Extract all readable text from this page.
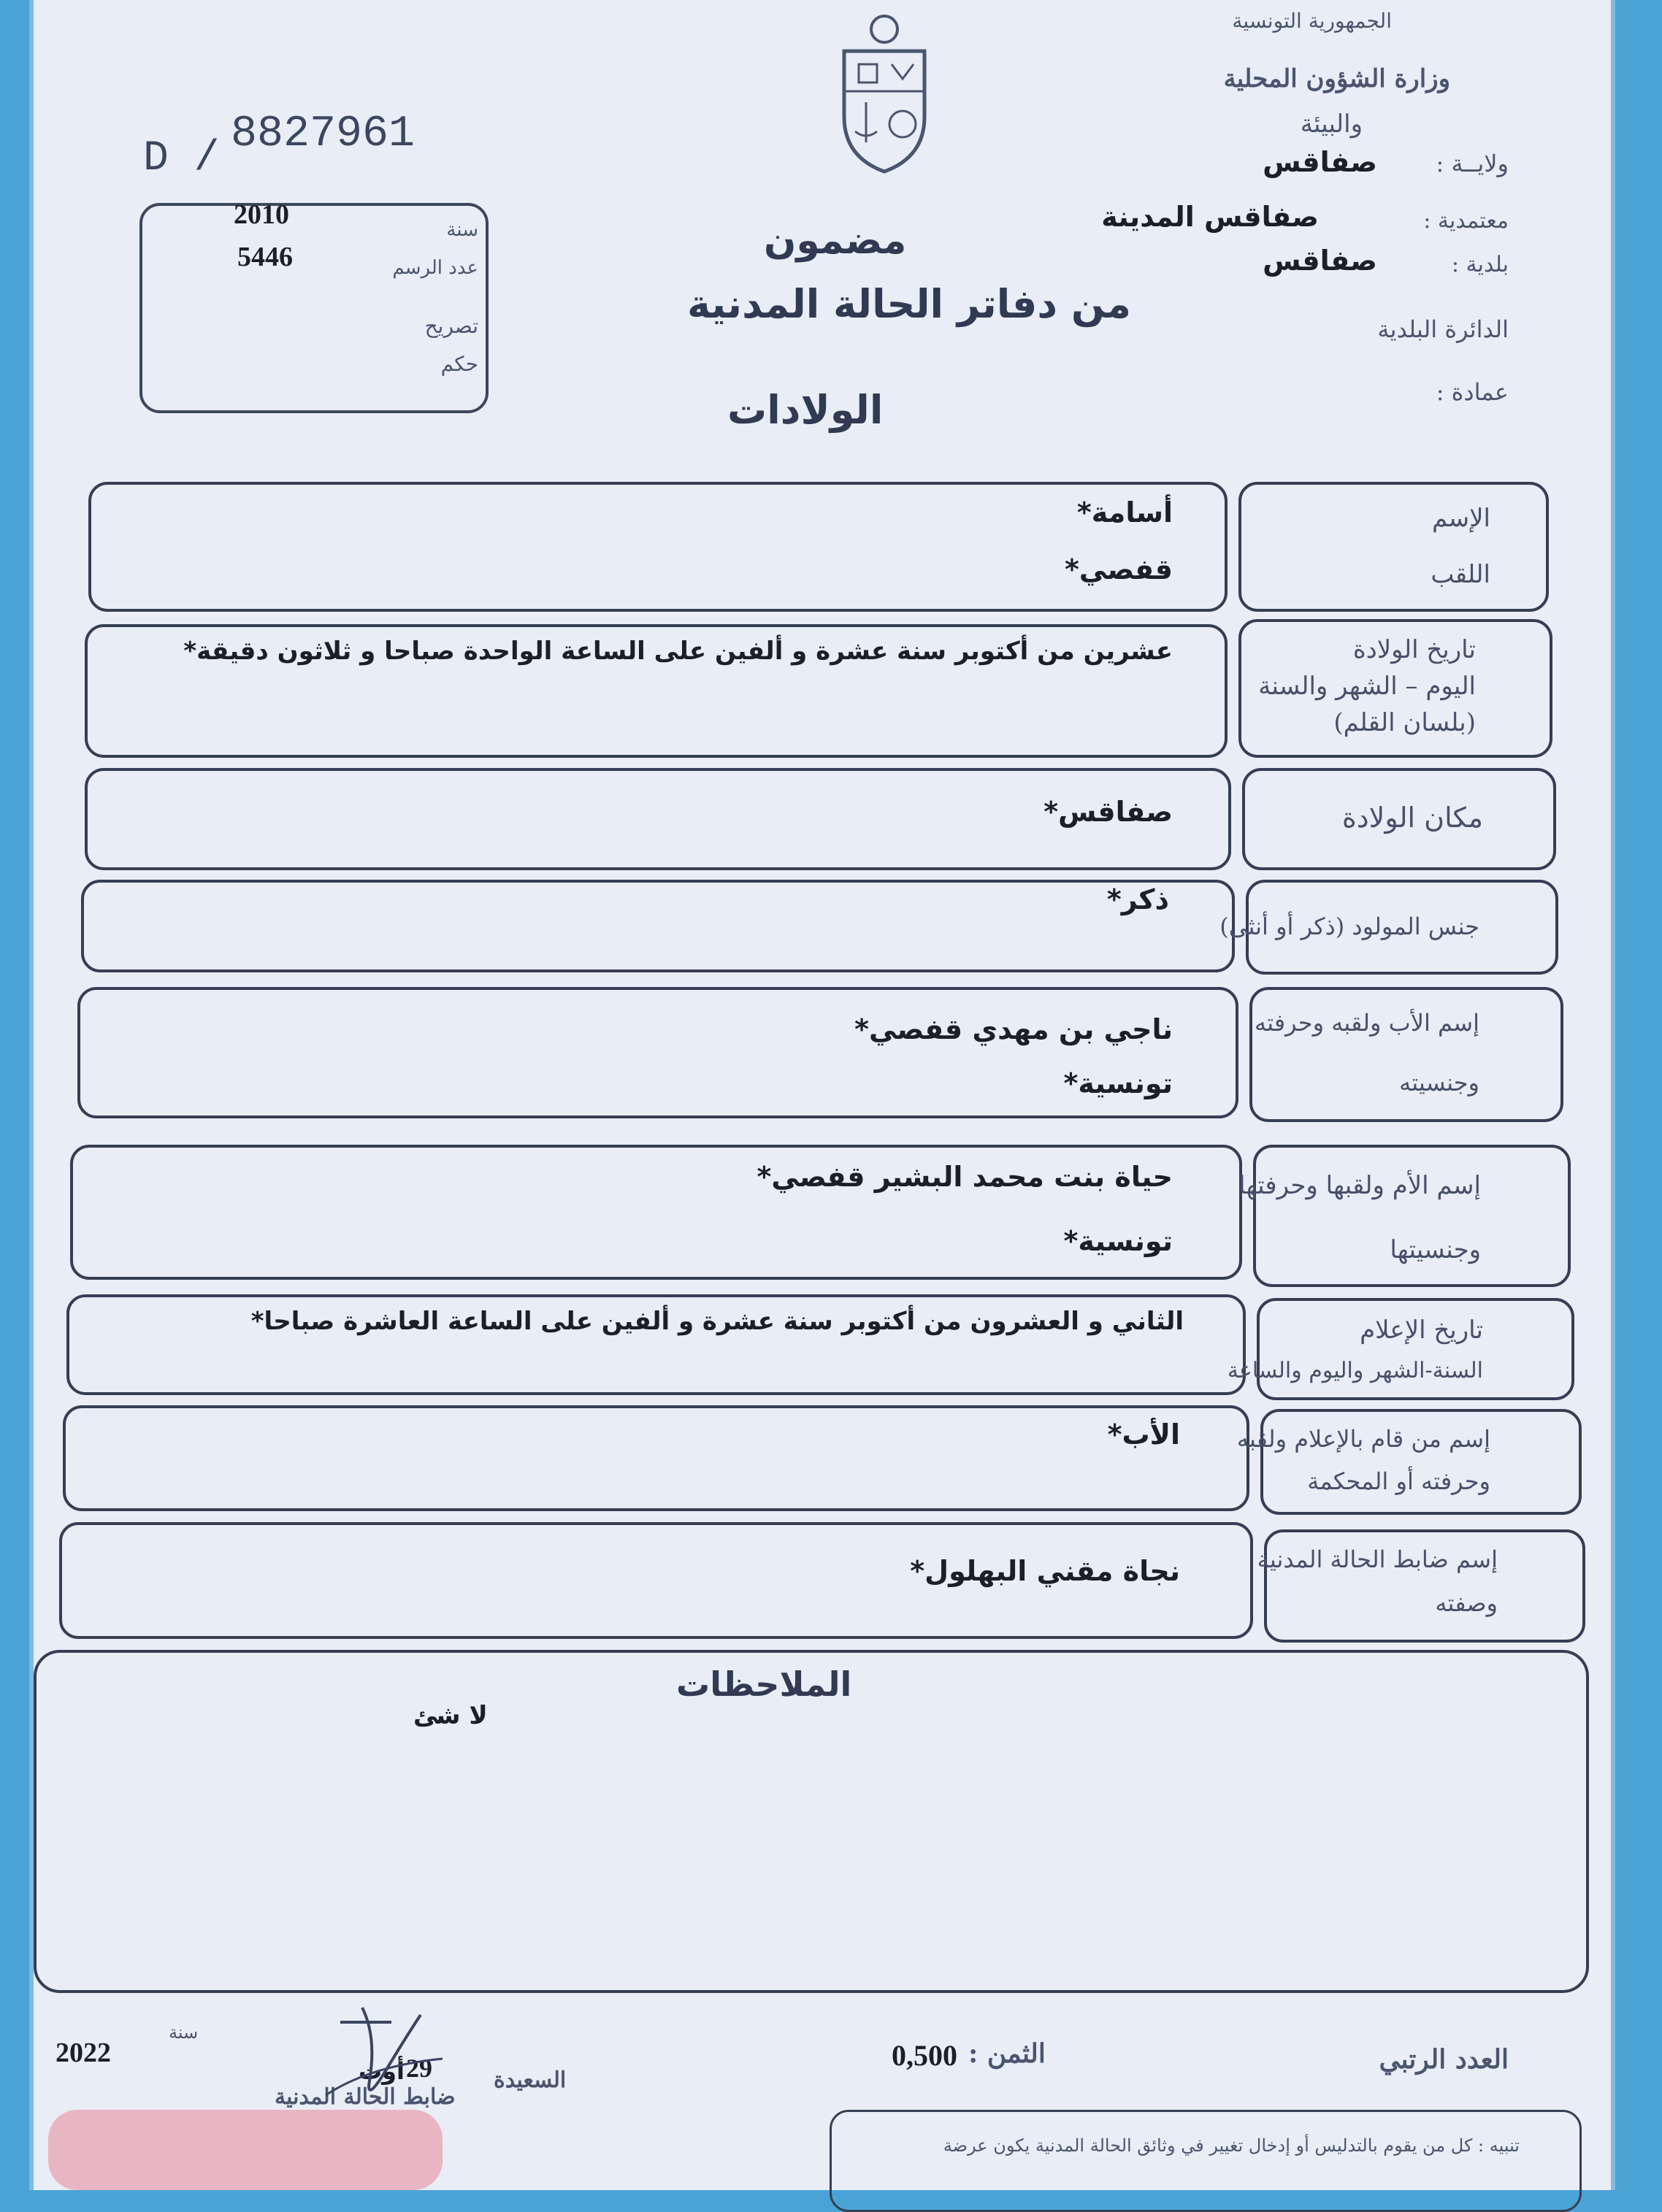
الجمهورية التونسية
وزارة الشؤون المحلية
والبيئة
ولايــة :
صفاقس
معتمدية :
صفاقس المدينة
بلدية :
صفاقس
الدائرة البلدية
عمادة :
D / 8827961
2010	سنة
5446	عدد الرسم
تصريح
حكم
مضمون
من دفاتر الحالة المدنية
الولادات
الإسم
اللقب
أسامة*
قفصي*
تاريخ الولادة
اليوم – الشهر والسنة
(بلسان القلم)
عشرين من أكتوبر سنة عشرة و ألفين على الساعة الواحدة صباحا و ثلاثون دقيقة*
مكان الولادة
صفاقس*
جنس المولود (ذكر أو أنثى)
ذكر*
إسم الأب ولقبه وحرفته
وجنسيته
ناجي بن مهدي قفصي*
تونسية*
إسم الأم ولقبها وحرفتها
وجنسيتها
حياة بنت محمد البشير قفصي*
تونسية*
تاريخ الإعلام
السنة-الشهر واليوم والساعة
الثاني و العشرون من أكتوبر سنة عشرة و ألفين على الساعة العاشرة صباحا*
إسم من قام بالإعلام ولقبه
وحرفته أو المحكمة
الأب*
إسم ضابط الحالة المدنية
وصفته
نجاة مقني البهلول*
الملاحظات
لا شئ
العدد الرتبي
الثمن :
0,500
السعيدة
29
أوت
سنة
2022
ضابط الحالة المدنية
تنبيه : كل من يقوم بالتدليس أو إدخال تغيير في وثائق الحالة المدنية يكون عرضة
